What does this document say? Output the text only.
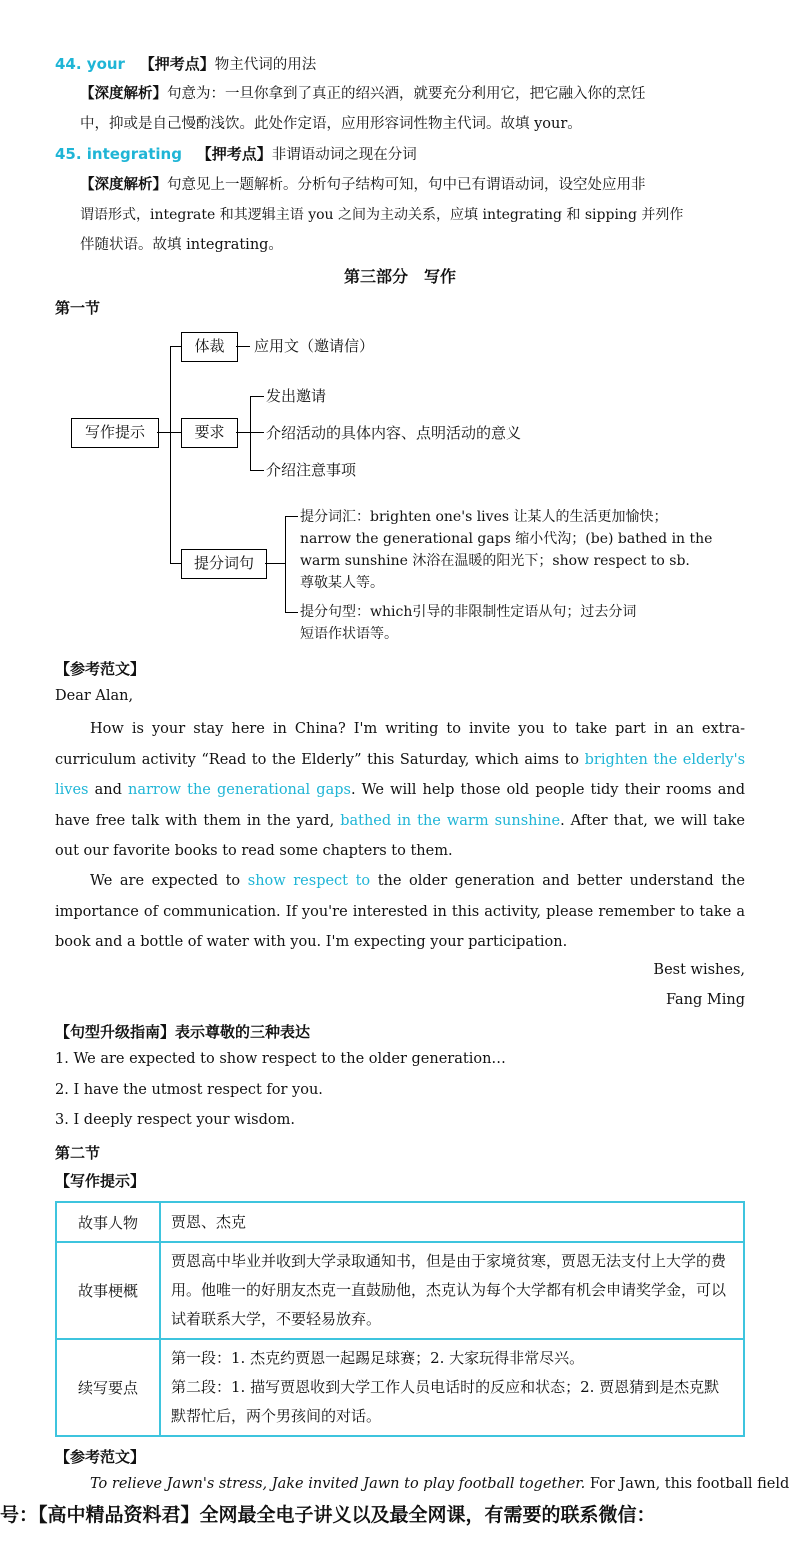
44. your 【押考点】物主代词的用法
【深度解析】句意为：一旦你拿到了真正的绍兴酒，就要充分利用它，把它融入你的烹饪
中，抑或是自己慢酌浅饮。此处作定语，应用形容词性物主代词。故填 your。
45. integrating 【押考点】非谓语动词之现在分词
【深度解析】句意见上一题解析。分析句子结构可知，句中已有谓语动词，设空处应用非
谓语形式，integrate 和其逻辑主语 you 之间为主动关系，应填 integrating 和 sipping 并列作
伴随状语。故填 integrating。
第三部分　写作
第一节
写作提示
体裁	应用文（邀请信）
要求
发出邀请
介绍活动的具体内容、点明活动的意义
介绍注意事项
提分词句
提分词汇：brighten one's lives 让某人的生活更加愉快；
narrow the generational gaps 缩小代沟；(be) bathed in the
warm sunshine 沐浴在温暖的阳光下；show respect to sb.
尊敬某人等。
提分句型：which引导的非限制性定语从句；过去分词
短语作状语等。
【参考范文】
Dear Alan,
How is your stay here in China? I'm writing to invite you to take part in an extra-curriculum activity “Read to the Elderly” this Saturday, which aims to brighten the elderly's lives and narrow the generational gaps. We will help those old people tidy their rooms and have free talk with them in the yard, bathed in the warm sunshine. After that, we will take out our favorite books to read some chapters to them.
We are expected to show respect to the older generation and better understand the importance of communication. If you're interested in this activity, please remember to take a book and a bottle of water with you. I'm expecting your participation.
Best wishes,
Fang Ming
【句型升级指南】表示尊敬的三种表达
1. We are expected to show respect to the older generation…
2. I have the utmost respect for you.
3. I deeply respect your wisdom.
第二节
【写作提示】
故事人物	贾恩、杰克
故事梗概	贾恩高中毕业并收到大学录取通知书，但是由于家境贫寒，贾恩无法支付上大学的费用。他唯一的好朋友杰克一直鼓励他，杰克认为每个大学都有机会申请奖学金，可以试着联系大学，不要轻易放弃。
续写要点	第一段：1. 杰克约贾恩一起踢足球赛；2. 大家玩得非常尽兴。
第二段：1. 描写贾恩收到大学工作人员电话时的反应和状态；2. 贾恩猜到是杰克默默帮忙后，两个男孩间的对话。
【参考范文】
To relieve Jawn's stress, Jake invited Jawn to play football together. For Jawn, this football field
号：【高中精品资料君】全网最全电子讲义以及最全网课，有需要的联系微信：
